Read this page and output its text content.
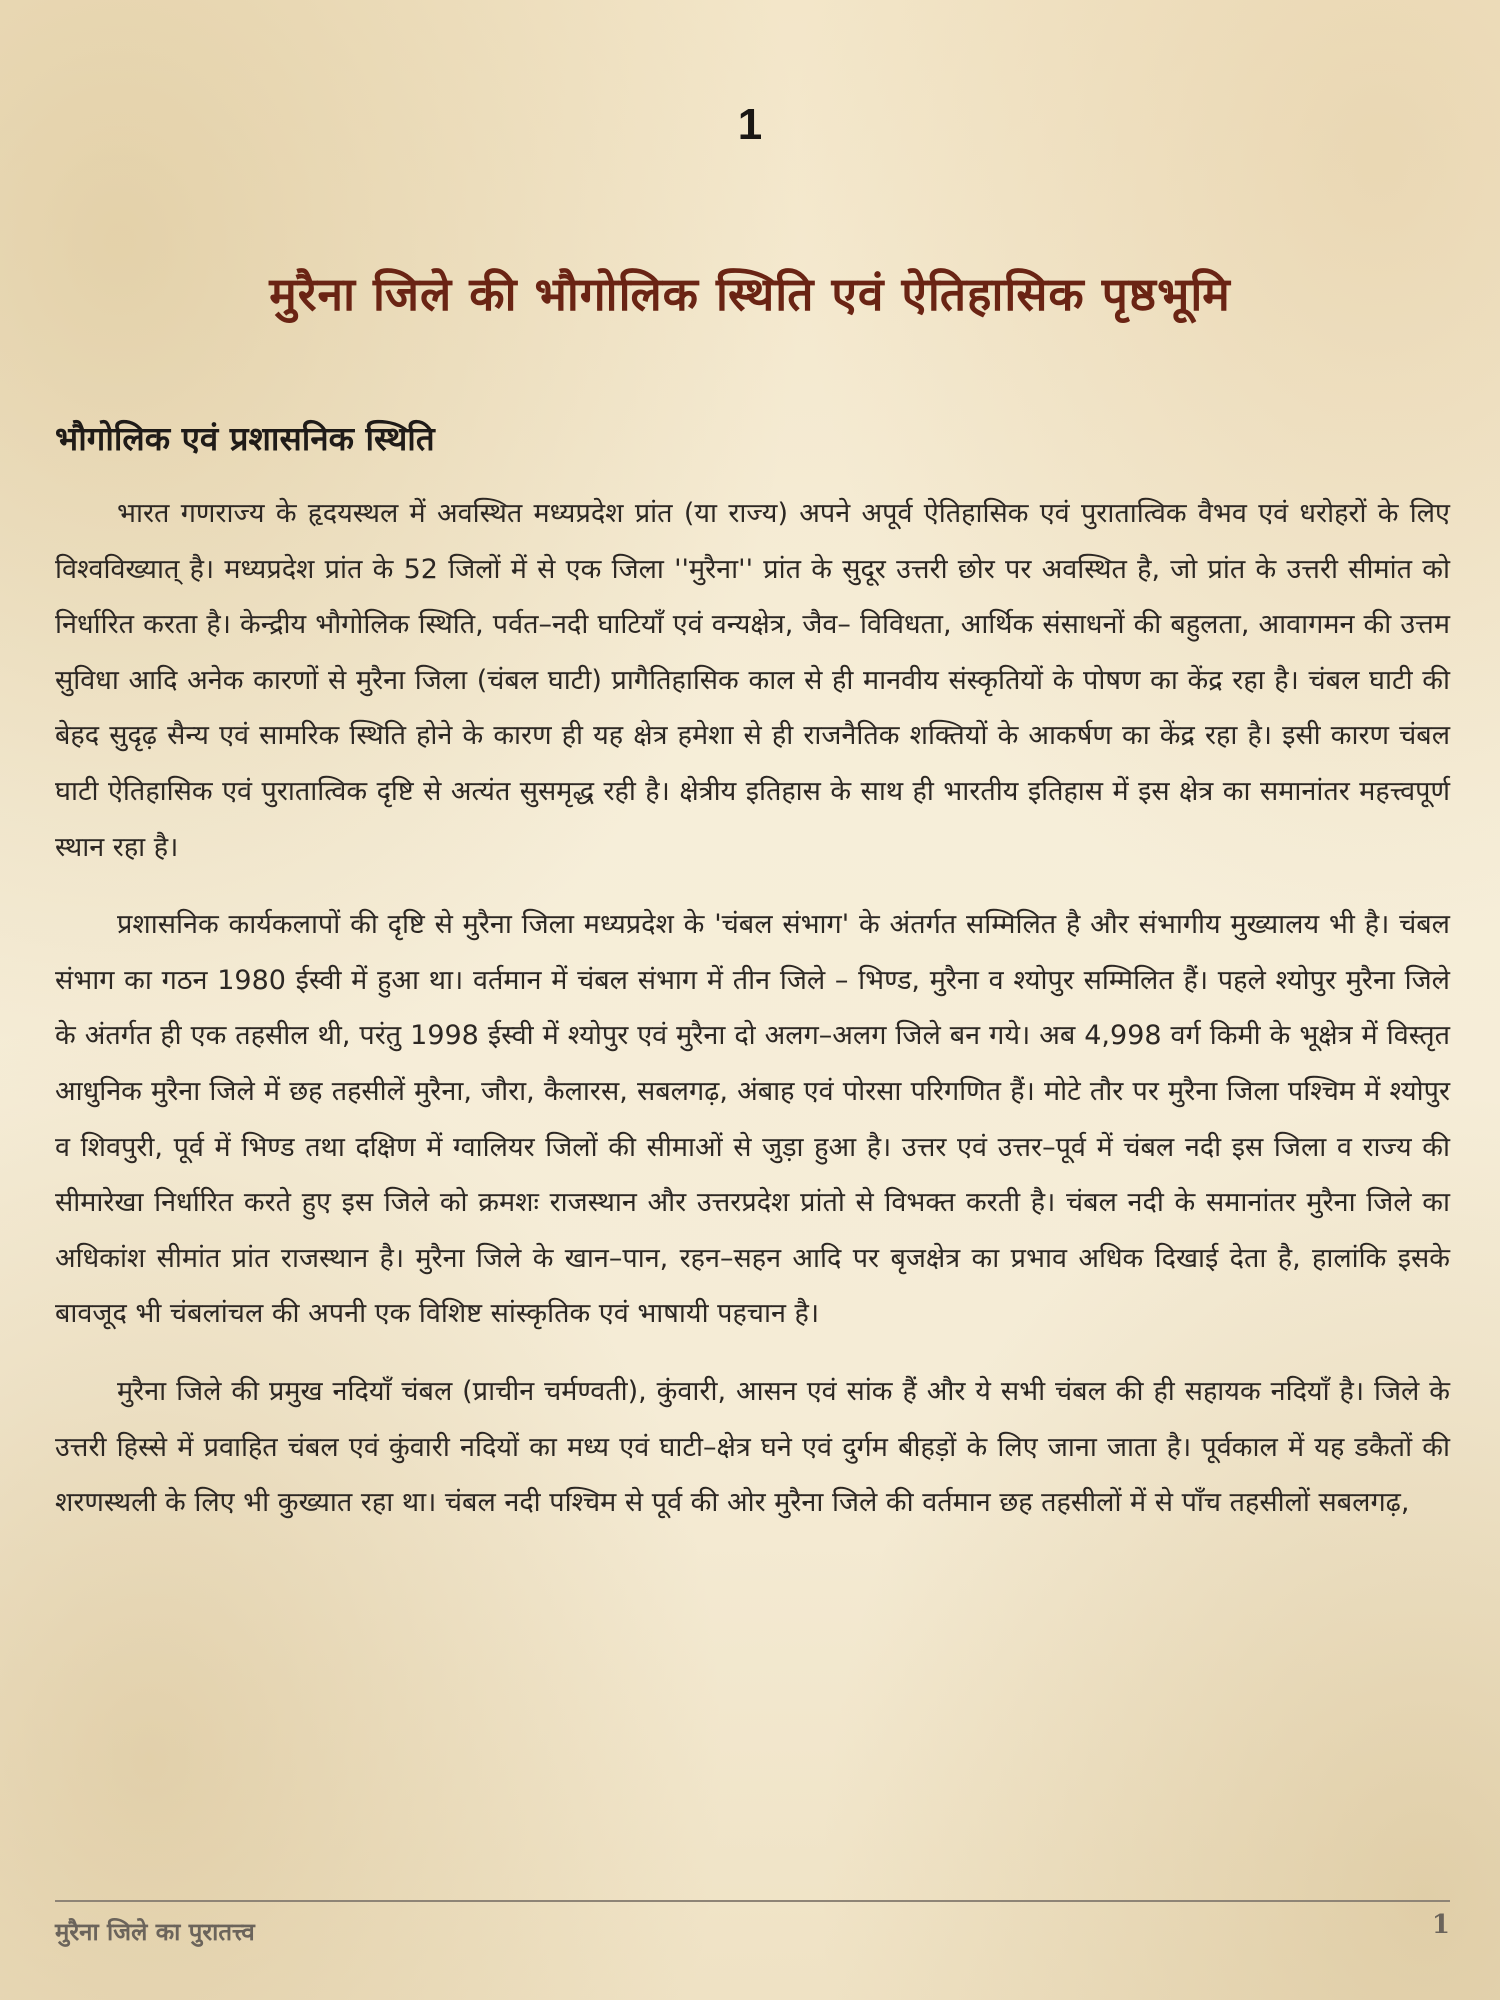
1
मुरैना जिले की भौगोलिक स्थिति एवं ऐतिहासिक पृष्ठभूमि
भौगोलिक एवं प्रशासनिक स्थिति

भारत गणराज्य के हृदयस्थल में अवस्थित मध्यप्रदेश प्रांत (या राज्य) अपने अपूर्व ऐतिहासिक एवं पुरातात्विक वैभव एवं धरोहरों के लिए विश्वविख्यात् है। मध्यप्रदेश प्रांत के 52 जिलों में से एक जिला ''मुरैना'' प्रांत के सुदूर उत्तरी छोर पर अवस्थित है, जो प्रांत के उत्तरी सीमांत को निर्धारित करता है। केन्द्रीय भौगोलिक स्थिति, पर्वत–नदी घाटियाँ एवं वन्यक्षेत्र, जैव– विविधता, आर्थिक संसाधनों की बहुलता, आवागमन की उत्तम सुविधा आदि अनेक कारणों से मुरैना जिला (चंबल घाटी) प्रागैतिहासिक काल से ही मानवीय संस्कृतियों के पोषण का केंद्र रहा है। चंबल घाटी की बेहद सुदृढ़ सैन्य एवं सामरिक स्थिति होने के कारण ही यह क्षेत्र हमेशा से ही राजनैतिक शक्तियों के आकर्षण का केंद्र रहा है। इसी कारण चंबल घाटी ऐतिहासिक एवं पुरातात्विक दृष्टि से अत्यंत सुसमृद्ध रही है। क्षेत्रीय इतिहास के साथ ही भारतीय इतिहास में इस क्षेत्र का समानांतर महत्त्वपूर्ण स्थान रहा है।

प्रशासनिक कार्यकलापों की दृष्टि से मुरैना जिला मध्यप्रदेश के 'चंबल संभाग' के अंतर्गत सम्मिलित है और संभागीय मुख्यालय भी है। चंबल संभाग का गठन 1980 ईस्वी में हुआ था। वर्तमान में चंबल संभाग में तीन जिले – भिण्ड, मुरैना व श्योपुर सम्मिलित हैं। पहले श्योपुर मुरैना जिले के अंतर्गत ही एक तहसील थी, परंतु 1998 ईस्वी में श्योपुर एवं मुरैना दो अलग–अलग जिले बन गये। अब 4,998 वर्ग किमी के भूक्षेत्र में विस्तृत आधुनिक मुरैना जिले में छह तहसीलें मुरैना, जौरा, कैलारस, सबलगढ़, अंबाह एवं पोरसा परिगणित हैं। मोटे तौर पर मुरैना जिला पश्चिम में श्योपुर व शिवपुरी, पूर्व में भिण्ड तथा दक्षिण में ग्वालियर जिलों की सीमाओं से जुड़ा हुआ है। उत्तर एवं उत्तर–पूर्व में चंबल नदी इस जिला व राज्य की सीमारेखा निर्धारित करते हुए इस जिले को क्रमशः राजस्थान और उत्तरप्रदेश प्रांतो से विभक्त करती है। चंबल नदी के समानांतर मुरैना जिले का अधिकांश सीमांत प्रांत राजस्थान है। मुरैना जिले के खान–पान, रहन–सहन आदि पर बृजक्षेत्र का प्रभाव अधिक दिखाई देता है, हालांकि इसके बावजूद भी चंबलांचल की अपनी एक विशिष्ट सांस्कृतिक एवं भाषायी पहचान है।

मुरैना जिले की प्रमुख नदियाँ चंबल (प्राचीन चर्मण्वती), कुंवारी, आसन एवं सांक हैं और ये सभी चंबल की ही सहायक नदियाँ है। जिले के उत्तरी हिस्से में प्रवाहित चंबल एवं कुंवारी नदियों का मध्य एवं घाटी–क्षेत्र घने एवं दुर्गम बीहड़ों के लिए जाना जाता है। पूर्वकाल में यह डकैतों की शरणस्थली के लिए भी कुख्यात रहा था। चंबल नदी पश्चिम से पूर्व की ओर मुरैना जिले की वर्तमान छह तहसीलों में से पाँच तहसीलों सबलगढ़,

मुरैना जिले का पुरातत्त्व	1
